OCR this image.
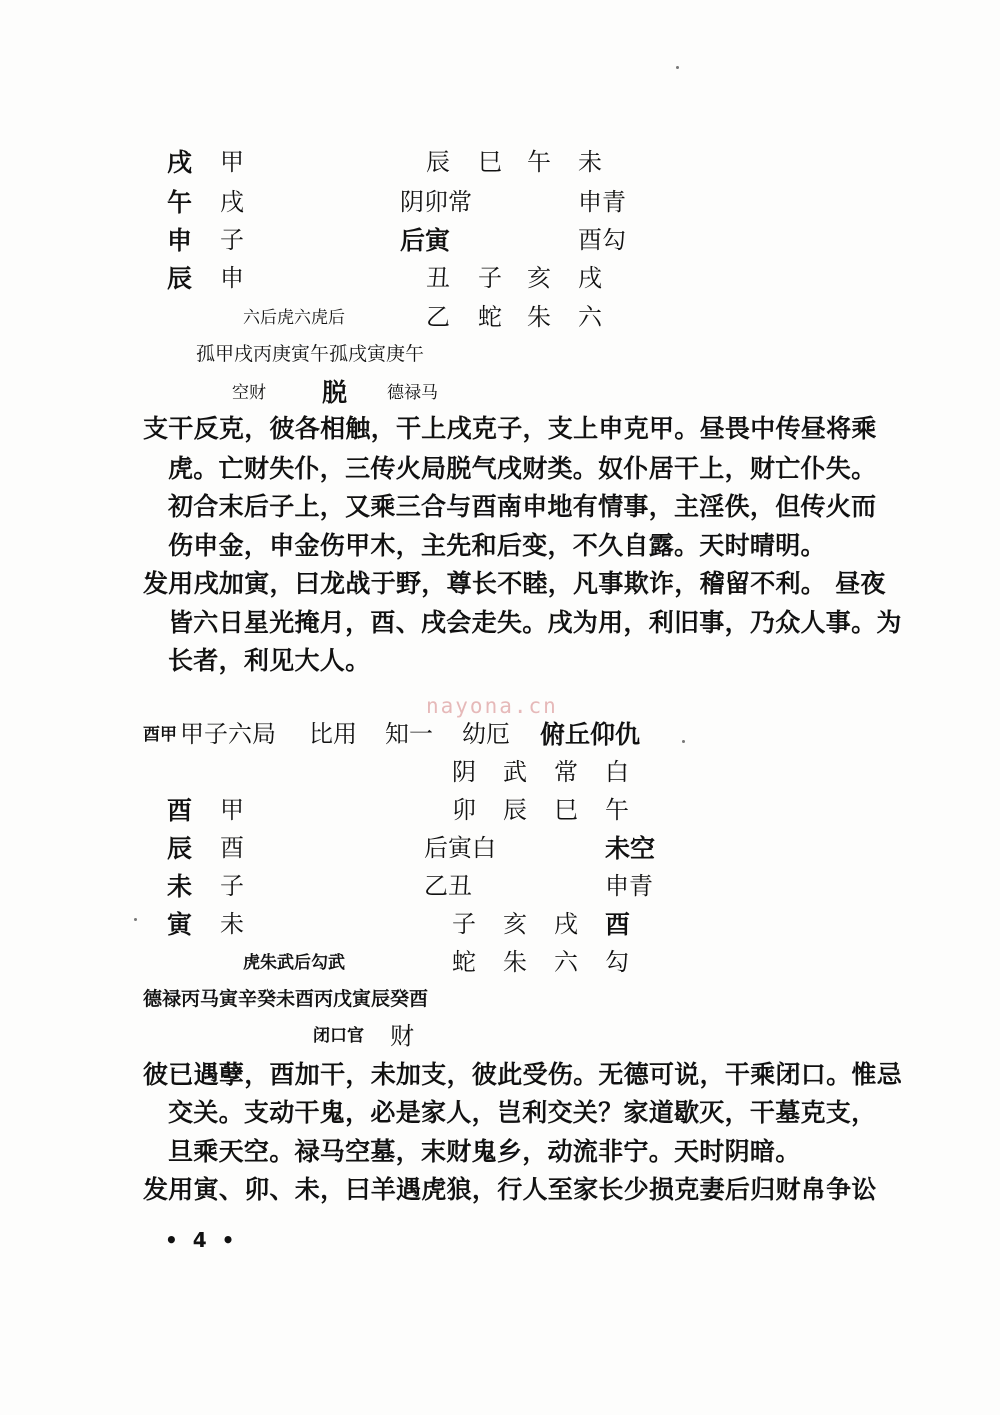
戌 甲	辰 巳 午 未
午 戌	阴卯常	申青
申 子	后寅	酉勾
辰 申	丑 子 亥 戌
六后虎六虎后	乙 蛇 朱 六
孤甲戌丙庚寅午孤戌寅庚午
空财 脱 德禄马
支干反克，彼各相触，干上戌克子，支上申克甲。昼畏中传昼将乘
虎。亡财失仆，三传火局脱气戌财类。奴仆居干上，财亡仆失。
初合末后子上，又乘三合与酉南申地有情事，主淫佚，但传火而
伤申金，申金伤甲木，主先和后变，不久自露。天时晴明。
发用戌加寅，曰龙战于野，尊长不睦，凡事欺诈，稽留不利。 昼夜
皆六日星光掩月，酉、戌会走失。戌为用，利旧事，乃众人事。为
长者，利见大人。
nayona.cn
酉甲 甲子六局 比用 知一 幼厄 俯丘仰仇
阴 武 常 白
酉 甲	卯 辰 巳 午
辰 酉	后寅白	未空
未 子	乙丑	申青
寅 未	子 亥 戌 酉
虎朱武后勾武	蛇 朱 六 勾
德禄丙马寅辛癸未酉丙戊寅辰癸酉
闭口官 财
彼已遇孽，酉加干，未加支，彼此受伤。无德可说，干乘闭口。惟忌
交关。支动干鬼，必是家人，岂利交关？家道歇灭，干墓克支，
旦乘天空。禄马空墓，末财鬼乡，动流非宁。天时阴暗。
发用寅、卯、未，曰羊遇虎狼，行人至家长少损克妻后归财帛争讼
• 4 •
